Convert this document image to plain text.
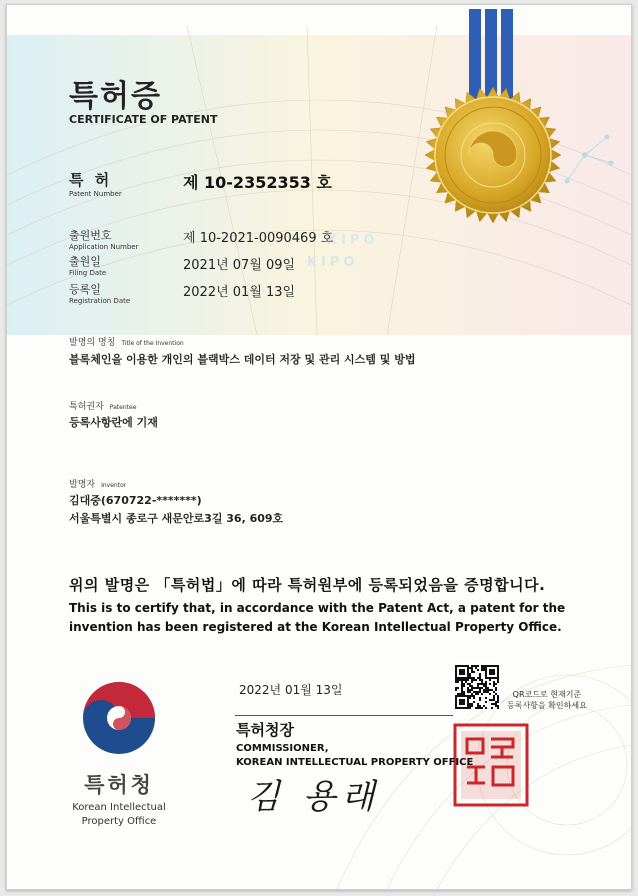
KIPO
KIPO
특허증
CERTIFICATE OF PATENT
특 허
Patent Number
제 10-2352353 호
출원번호
Application Number
제 10-2021-0090469 호
출원일
Filing Date	2021년 07월 09일
등록일
Registration Date
2022년 01월 13일
발명의 명칭 Title of the Invention
블록체인을 이용한 개인의 블랙박스 데이터 저장 및 관리 시스템 및 방법
특허권자 Patentee
등록사항란에 기재
발명자 Inventor
김대중(670722-*******)
서울특별시 종로구 새문안로3길 36, 609호
위의 발명은 「특허법」에 따라 특허원부에 등록되었음을 증명합니다.
This is to certify that, in accordance with the Patent Act, a patent for the
invention has been registered at the Korean Intellectual Property Office.
2022년 01월 13일
특허청장
COMMISSIONER,
KOREAN INTELLECTUAL PROPERTY OFFICE
김 용래
QR코드로 현재기준
등록사항을 확인하세요
특허청
Korean Intellectual
Property Office
